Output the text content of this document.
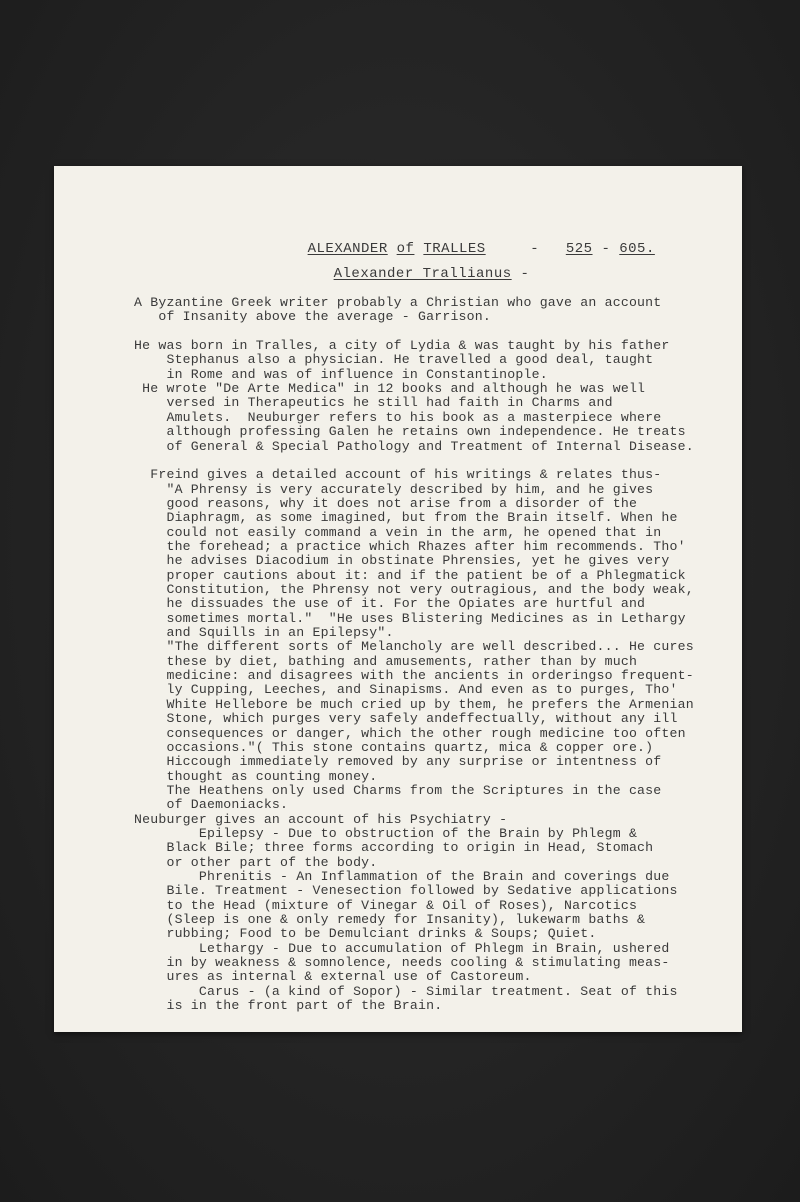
ALEXANDER of TRALLES	- 525 - 605.

Alexander Trallianus -

A Byzantine Greek writer probably a Christian who gave an account
of Insanity above the average - Garrison.
He was born in Tralles, a city of Lydia & was taught by his father
Stephanus also a physician. He travelled a good deal, taught
in Rome and was of influence in Constantinople.
He wrote "De Arte Medica" in 12 books and although he was well
versed in Therapeutics he still had faith in Charms and
Amulets.  Neuburger refers to his book as a masterpiece where
although professing Galen he retains own independence. He treats
of General & Special Pathology and Treatment of Internal Disease.
Freind gives a detailed account of his writings & relates thus-
"A Phrensy is very accurately described by him, and he gives
good reasons, why it does not arise from a disorder of the
Diaphragm, as some imagined, but from the Brain itself. When he
could not easily command a vein in the arm, he opened that in
the forehead; a practice which Rhazes after him recommends. Tho'
he advises Diacodium in obstinate Phrensies, yet he gives very
proper cautions about it: and if the patient be of a Phlegmatick
Constitution, the Phrensy not very outragious, and the body weak,
he dissuades the use of it. For the Opiates are hurtful and
sometimes mortal."  "He uses Blistering Medicines as in Lethargy
and Squills in an Epilepsy".
"The different sorts of Melancholy are well described... He cures
these by diet, bathing and amusements, rather than by much
medicine: and disagrees with the ancients in orderingso frequent-
ly Cupping, Leeches, and Sinapisms. And even as to purges, Tho'
White Hellebore be much cried up by them, he prefers the Armenian
Stone, which purges very safely andeffectually, without any ill
consequences or danger, which the other rough medicine too often
occasions."( This stone contains quartz, mica & copper ore.)
Hiccough immediately removed by any surprise or intentness of
thought as counting money.
The Heathens only used Charms from the Scriptures in the case
of Daemoniacks.
Neuburger gives an account of his Psychiatry -
Epilepsy - Due to obstruction of the Brain by Phlegm &
Black Bile; three forms according to origin in Head, Stomach
or other part of the body.
Phrenitis - An Inflammation of the Brain and coverings due
Bile. Treatment - Venesection followed by Sedative applications
to the Head (mixture of Vinegar & Oil of Roses), Narcotics
(Sleep is one & only remedy for Insanity), lukewarm baths &
rubbing; Food to be Demulciant drinks & Soups; Quiet.
Lethargy - Due to accumulation of Phlegm in Brain, ushered
in by weakness & somnolence, needs cooling & stimulating meas-
ures as internal & external use of Castoreum.
Carus - (a kind of Sopor) - Similar treatment. Seat of this
is in the front part of the Brain.
